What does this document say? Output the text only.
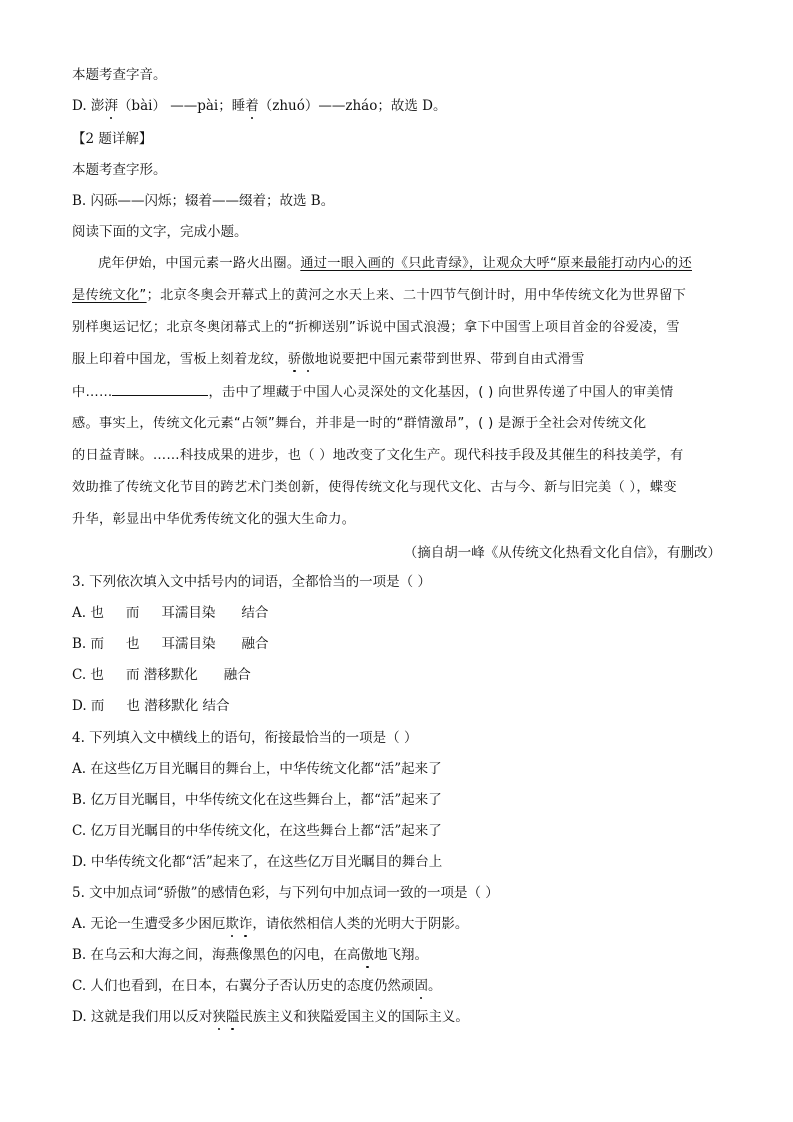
本题考查字音。
D. 澎湃（bài） ——pài；睡着（zhuó）——zháo；故选 D。
【2 题详解】
本题考查字形。
B. 闪砾——闪烁；辍着——缀着；故选 B。
阅读下面的文字，完成小题。
虎年伊始，中国元素一路火出圈。通过一眼入画的《只此青绿》，让观众大呼“原来最能打动内心的还
是传统文化”；北京冬奥会开幕式上的黄河之水天上来、二十四节气倒计时，用中华传统文化为世界留下
别样奥运记忆；北京冬奥闭幕式上的“折柳送别”诉说中国式浪漫；拿下中国雪上项目首金的谷爱凌，雪
服上印着中国龙，雪板上刻着龙纹，骄傲地说要把中国元素带到世界、带到自由式滑雪
中……	，击中了埋藏于中国人心灵深处的文化基因，( ) 向世界传递了中国人的审美情
感。事实上，传统文化元素“占领”舞台，并非是一时的“群情激昂”，( ) 是源于全社会对传统文化
的日益青睐。……科技成果的进步，也（ ）地改变了文化生产。现代科技手段及其催生的科技美学，有
效助推了传统文化节目的跨艺术门类创新，使得传统文化与现代文化、古与今、新与旧完美（ ），蝶变
升华，彰显出中华优秀传统文化的强大生命力。
（摘自胡一峰《从传统文化热看文化自信》，有删改）
3. 下列依次填入文中括号内的词语，全都恰当的一项是（ ）
A. 也 而 耳濡目染 结合
B. 而 也 耳濡目染 融合
C. 也 而 潜移默化 融合
D. 而 也 潜移默化 结合
4. 下列填入文中横线上的语句，衔接最恰当的一项是（ ）
A. 在这些亿万目光瞩目的舞台上，中华传统文化都“活”起来了
B. 亿万目光瞩目，中华传统文化在这些舞台上，都“活”起来了
C. 亿万目光瞩目的中华传统文化，在这些舞台上都“活”起来了
D. 中华传统文化都“活”起来了，在这些亿万目光瞩目的舞台上
5. 文中加点词“骄傲”的感情色彩，与下列句中加点词一致的一项是（ ）
A. 无论一生遭受多少困厄欺诈，请依然相信人类的光明大于阴影。
B. 在乌云和大海之间，海燕像黑色的闪电，在高傲地飞翔。
C. 人们也看到，在日本，右翼分子否认历史的态度仍然顽固。
D. 这就是我们用以反对狭隘民族主义和狭隘爱国主义的国际主义。
